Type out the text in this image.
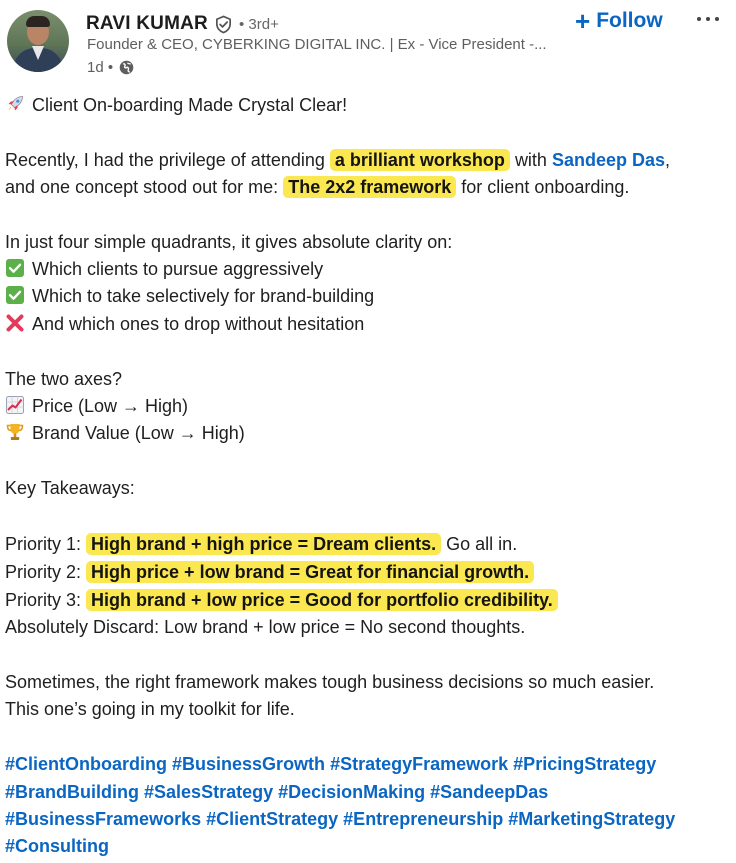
RAVI KUMAR • 3rd+
Founder & CEO, CYBERKING DIGITAL INC. | Ex - Vice President -...
1d •
+ Follow
Client On-boarding Made Crystal Clear!
Recently, I had the privilege of attending a brilliant workshop with Sandeep Das,
and one concept stood out for me: The 2x2 framework for client onboarding.
In just four simple quadrants, it gives absolute clarity on:
Which clients to pursue aggressively
Which to take selectively for brand-building
And which ones to drop without hesitation
The two axes?
Price (Low → High)
Brand Value (Low → High)
Key Takeaways:
Priority 1: High brand + high price = Dream clients. Go all in.
Priority 2: High price + low brand = Great for financial growth.
Priority 3: High brand + low price = Good for portfolio credibility.
Absolutely Discard: Low brand + low price = No second thoughts.
Sometimes, the right framework makes tough business decisions so much easier.
This one’s going in my toolkit for life.
#ClientOnboarding #BusinessGrowth #StrategyFramework #PricingStrategy
#BrandBuilding #SalesStrategy #DecisionMaking #SandeepDas
#BusinessFrameworks #ClientStrategy #Entrepreneurship #MarketingStrategy
#Consulting
